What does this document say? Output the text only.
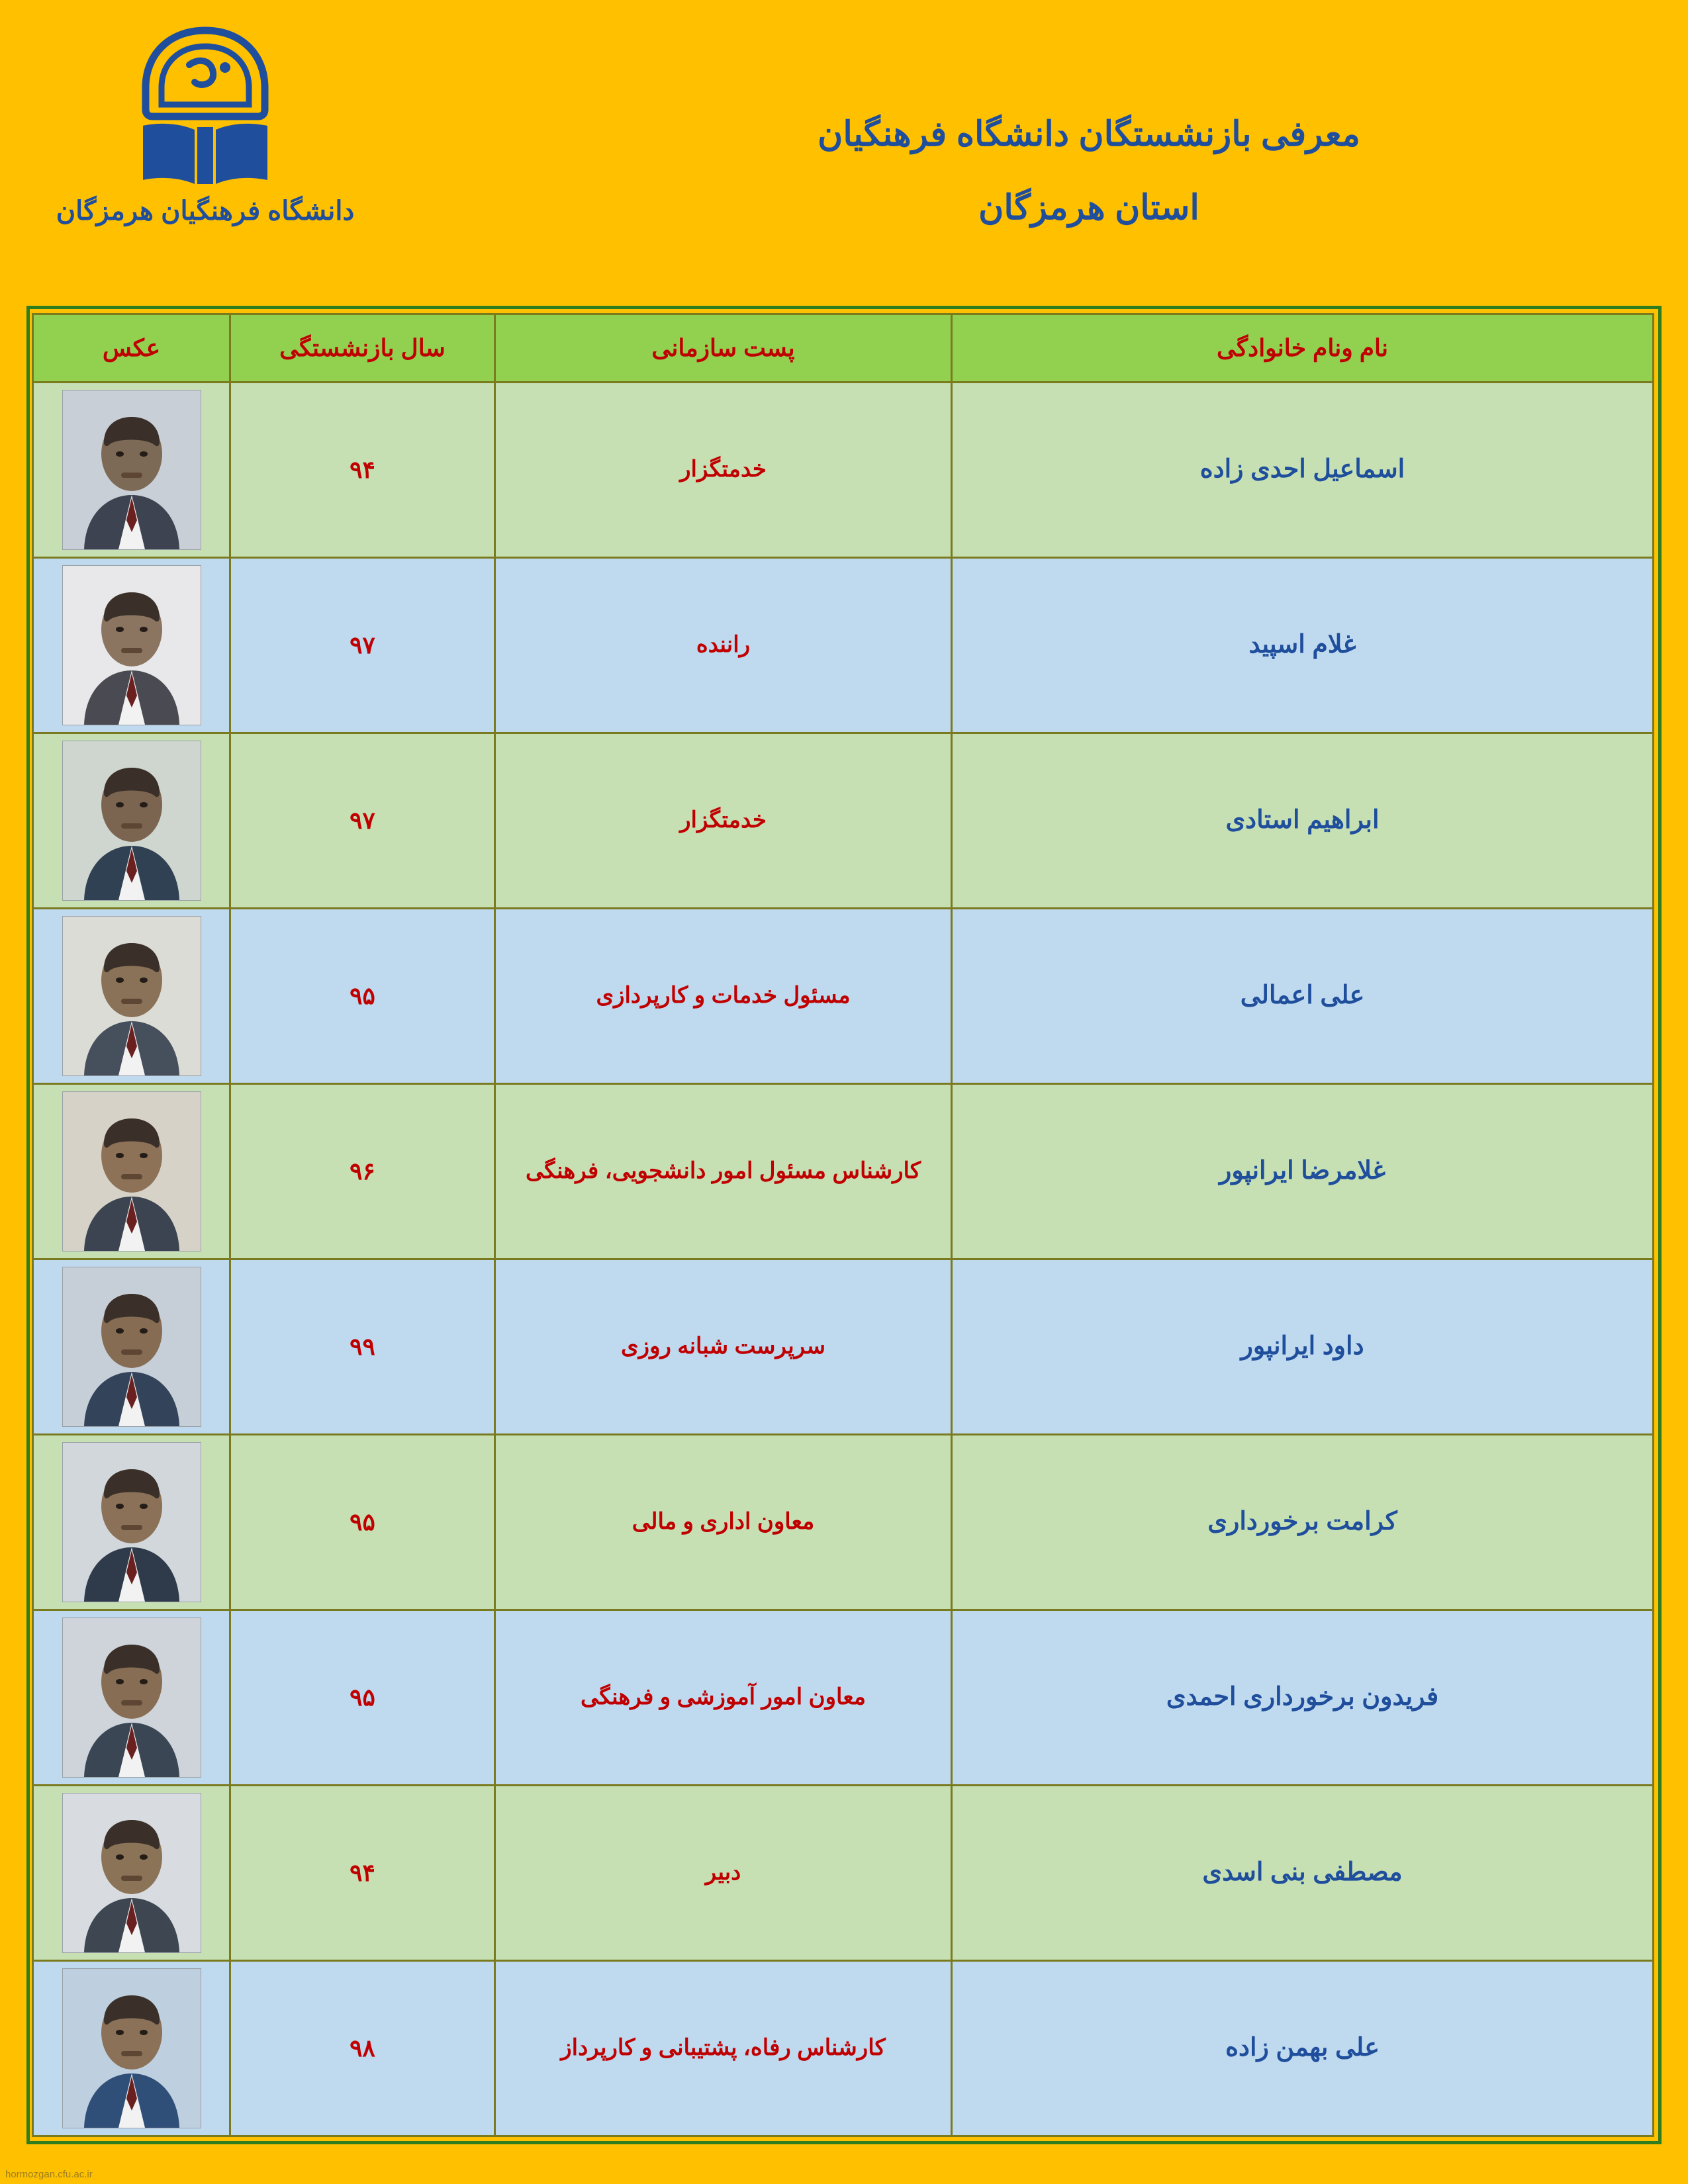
دانشگاه فرهنگیان هرمزگان
معرفی بازنشستگان دانشگاه فرهنگیان
استان هرمزگان
نام ونام خانوادگی	پست سازمانی	سال بازنشستگی	عکس
اسماعیل احدی زاده	خدمتگزار	۹۴	

غلام اسپید	راننده	۹۷	

ابراهیم استادی	خدمتگزار	۹۷	

علی اعمالی	مسئول خدمات و کارپردازی	۹۵	

غلامرضا ایرانپور	کارشناس مسئول امور دانشجویی، فرهنگی	۹۶	

داود ایرانپور	سرپرست شبانه روزی	۹۹	

کرامت برخورداری	معاون اداری و مالی	۹۵	

فریدون برخورداری احمدی	معاون امور آموزشی و فرهنگی	۹۵	

مصطفی بنی اسدی	دبیر	۹۴	

علی بهمن زاده	کارشناس رفاه، پشتیبانی و کارپرداز	۹۸	
hormozgan.cfu.ac.ir
